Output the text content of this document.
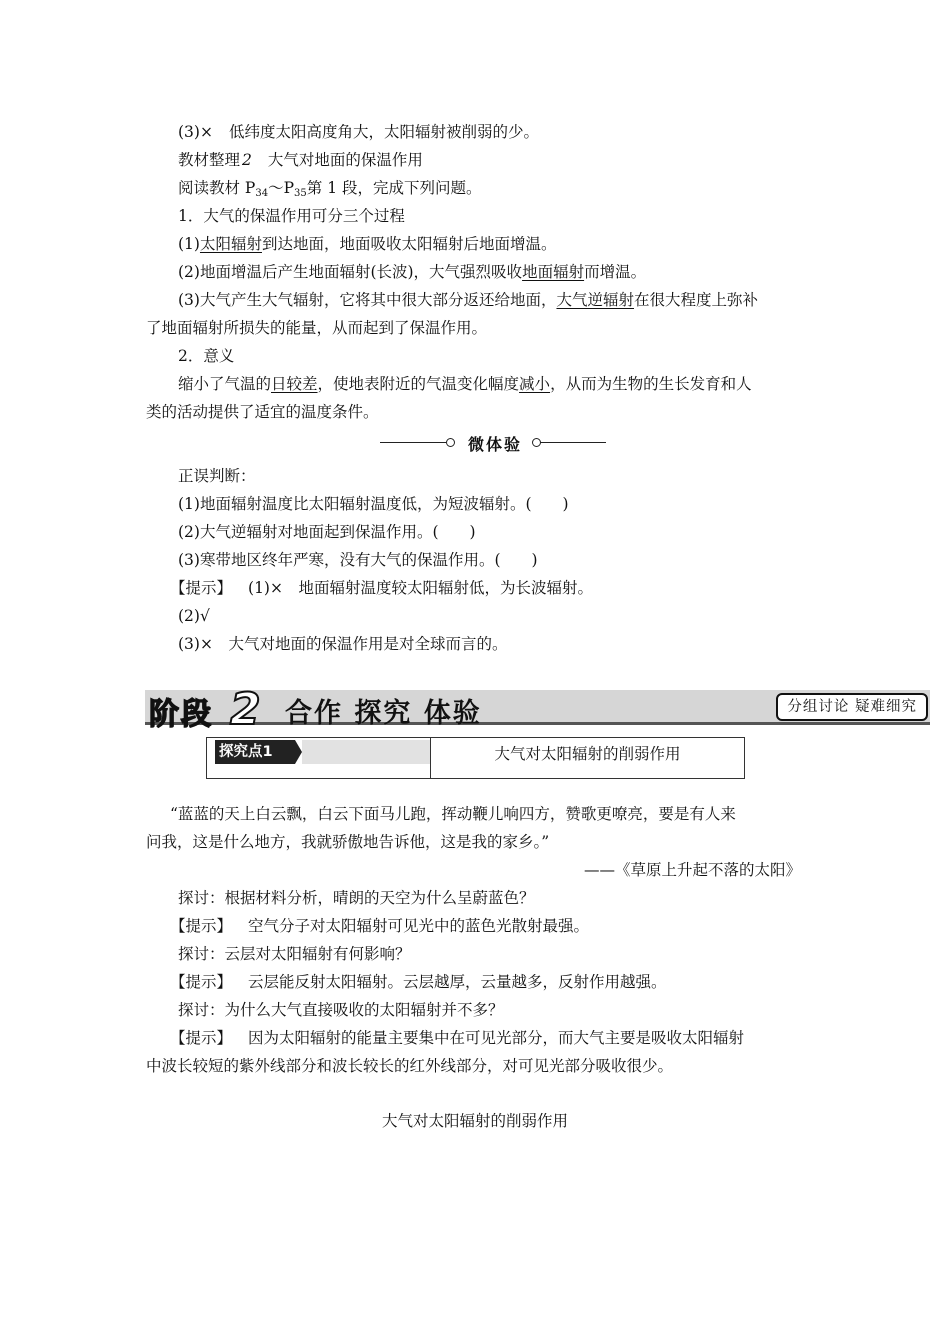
(3)× 低纬度太阳高度角大，太阳辐射被削弱的少。
教材整理 2 大气对地面的保温作用
阅读教材 $P_{34}\sim P_{35}$第 1 段，完成下列问题。
1．大气的保温作用可分三个过程
(1)太阳辐射到达地面，地面吸收太阳辐射后地面增温。
(2)地面增温后产生地面辐射(长波)，大气强烈吸收地面辐射而增温。
(3)大气产生大气辐射，它将其中很大部分返还给地面，大气逆辐射在很大程度上弥补
了地面辐射所损失的能量，从而起到了保温作用。
2．意义
缩小了气温的日较差，使地表附近的气温变化幅度减小，从而为生物的生长发育和人
类的活动提供了适宜的温度条件。
微体验
正误判断：
(1)地面辐射温度比太阳辐射温度低，为短波辐射。(　　)
(2)大气逆辐射对地面起到保温作用。(　　)
(3)寒带地区终年严寒，没有大气的保温作用。(　　)
【提示】 (1)×　地面辐射温度较太阳辐射低，为长波辐射。
(2)√
(3)×　大气对地面的保温作用是对全球而言的。
阶段 2 合作 探究 体验	分组讨论 疑难细究
探究点1	大气对太阳辐射的削弱作用
“蓝蓝的天上白云飘，白云下面马儿跑，挥动鞭儿响四方，赞歌更嘹亮，要是有人来
问我，这是什么地方，我就骄傲地告诉他，这是我的家乡。”
——《草原上升起不落的太阳》
探讨：根据材料分析，晴朗的天空为什么呈蔚蓝色？
【提示】 空气分子对太阳辐射可见光中的蓝色光散射最强。
探讨：云层对太阳辐射有何影响？
【提示】 云层能反射太阳辐射。云层越厚，云量越多，反射作用越强。
探讨：为什么大气直接吸收的太阳辐射并不多？
【提示】 因为太阳辐射的能量主要集中在可见光部分，而大气主要是吸收太阳辐射
中波长较短的紫外线部分和波长较长的红外线部分，对可见光部分吸收很少。
大气对太阳辐射的削弱作用
